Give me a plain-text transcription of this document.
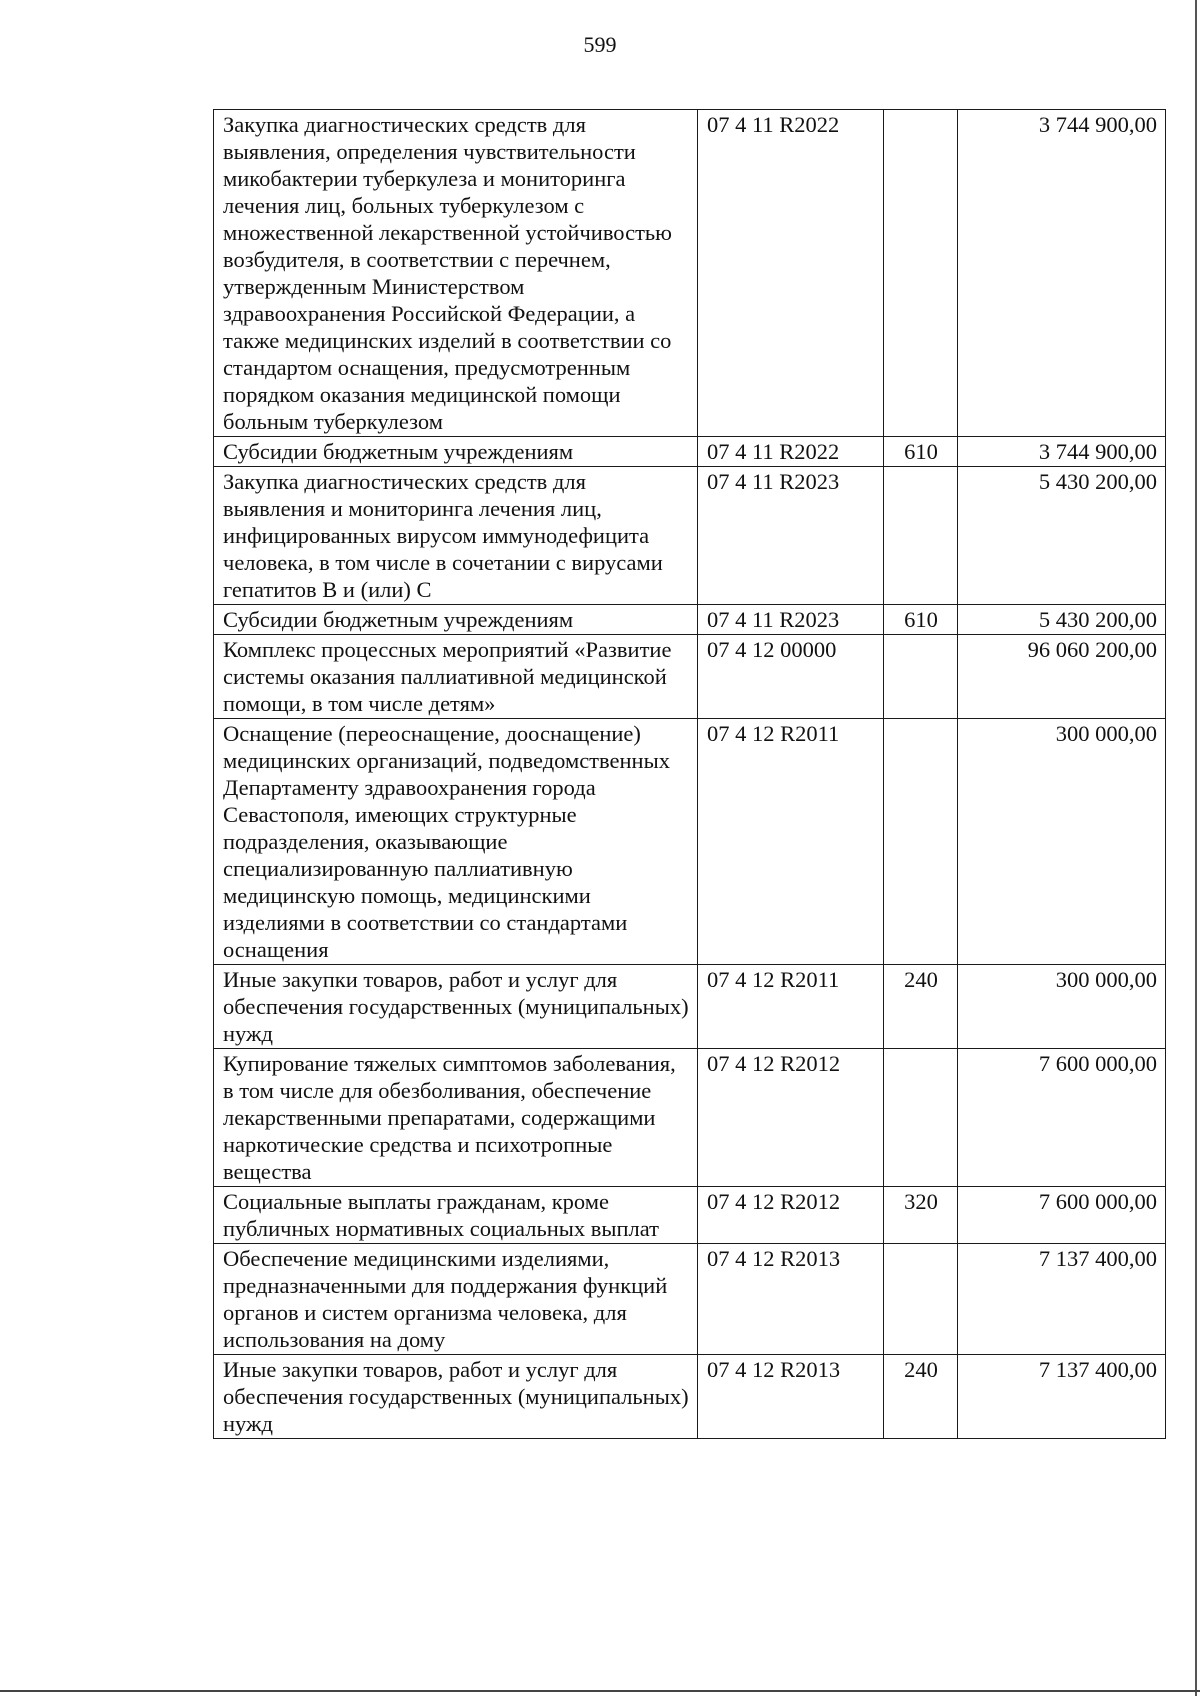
599
Закупка диагностических средств для выявления, определения чувствительности микобактерии туберкулеза и мониторинга лечения лиц, больных туберкулезом с множественной лекарственной устойчивостью возбудителя, в соответствии с перечнем, утвержденным Министерством здравоохранения Российской Федерации, а также медицинских изделий в соответствии со стандартом оснащения, предусмотренным порядком оказания медицинской помощи больным туберкулезом	07 4 11 R2022		3 744 900,00
Субсидии бюджетным учреждениям	07 4 11 R2022	610	3 744 900,00
Закупка диагностических средств для выявления и мониторинга лечения лиц, инфицированных вирусом иммунодефицита человека, в том числе в сочетании с вирусами гепатитов B и (или) C	07 4 11 R2023		5 430 200,00
Субсидии бюджетным учреждениям	07 4 11 R2023	610	5 430 200,00
Комплекс процессных мероприятий «Развитие системы оказания паллиативной медицинской помощи, в том числе детям»	07 4 12 00000		96 060 200,00
Оснащение (переоснащение, дооснащение) медицинских организаций, подведомственных Департаменту здравоохранения города Севастополя, имеющих структурные подразделения, оказывающие специализированную паллиативную медицинскую помощь, медицинскими изделиями в соответствии со стандартами оснащения	07 4 12 R2011		300 000,00
Иные закупки товаров, работ и услуг для обеспечения государственных (муниципальных) нужд	07 4 12 R2011	240	300 000,00
Купирование тяжелых симптомов заболевания, в том числе для обезболивания, обеспечение лекарственными препаратами, содержащими наркотические средства и психотропные вещества	07 4 12 R2012		7 600 000,00
Социальные выплаты гражданам, кроме публичных нормативных социальных выплат	07 4 12 R2012	320	7 600 000,00
Обеспечение медицинскими изделиями, предназначенными для поддержания функций органов и систем организма человека, для использования на дому	07 4 12 R2013		7 137 400,00
Иные закупки товаров, работ и услуг для обеспечения государственных (муниципальных) нужд	07 4 12 R2013	240	7 137 400,00
